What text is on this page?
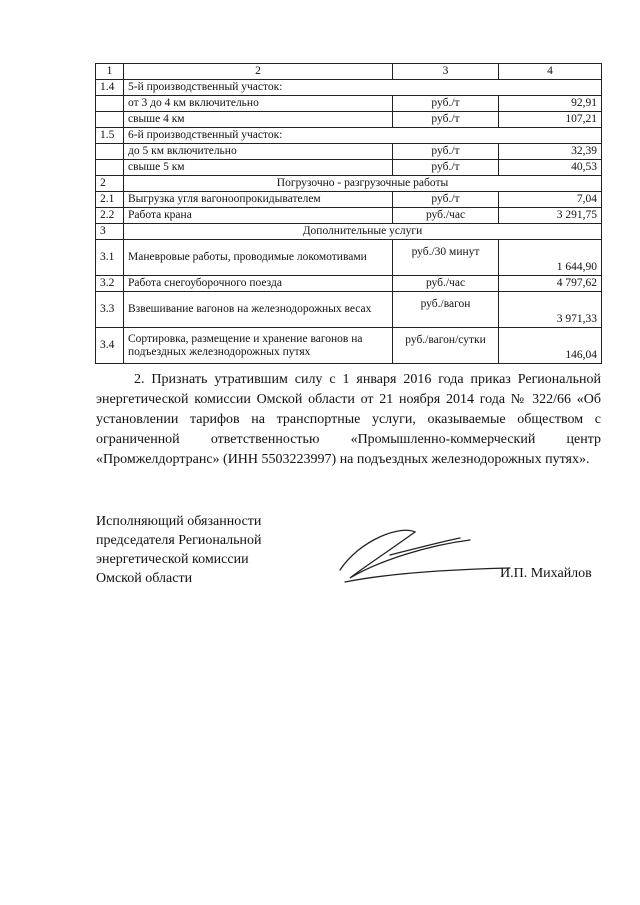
1	2	3	4
1.4	5-й производственный участок:		
	от 3 до 4 км включительно	руб./т	92,91
	свыше 4 км	руб./т	107,21
1.5	6-й производственный участок:		
	до 5 км включительно	руб./т	32,39
	свыше 5 км	руб./т	40,53
2	Погрузочно - разгрузочные работы		
2.1	Выгрузка угля вагоноопрокидывателем	руб./т	7,04
2.2	Работа крана	руб./час	3 291,75
3	Дополнительные услуги		
3.1	Маневровые работы, проводимые локомотивами	руб./30 минут	1 644,90
3.2	Работа снегоуборочного поезда	руб./час	4 797,62
3.3	Взвешивание вагонов на железнодорожных весах	руб./вагон	3 971,33
3.4	Сортировка, размещение и хранение вагонов на подъездных железнодорожных путях	руб./вагон/сутки	146,04
2. Признать утратившим силу с 1 января 2016 года приказ Региональной энергетической комиссии Омской области от 21 ноября 2014 года № 322/66 «Об установлении тарифов на транспортные услуги, оказываемые обществом с ограниченной ответственностью «Промышленно-коммерческий центр «Промжелдортранс» (ИНН 5503223997) на подъездных железнодорожных путях».
Исполняющий обязанности
председателя Региональной
энергетической комиссии
Омской области	И.П. Михайлов
